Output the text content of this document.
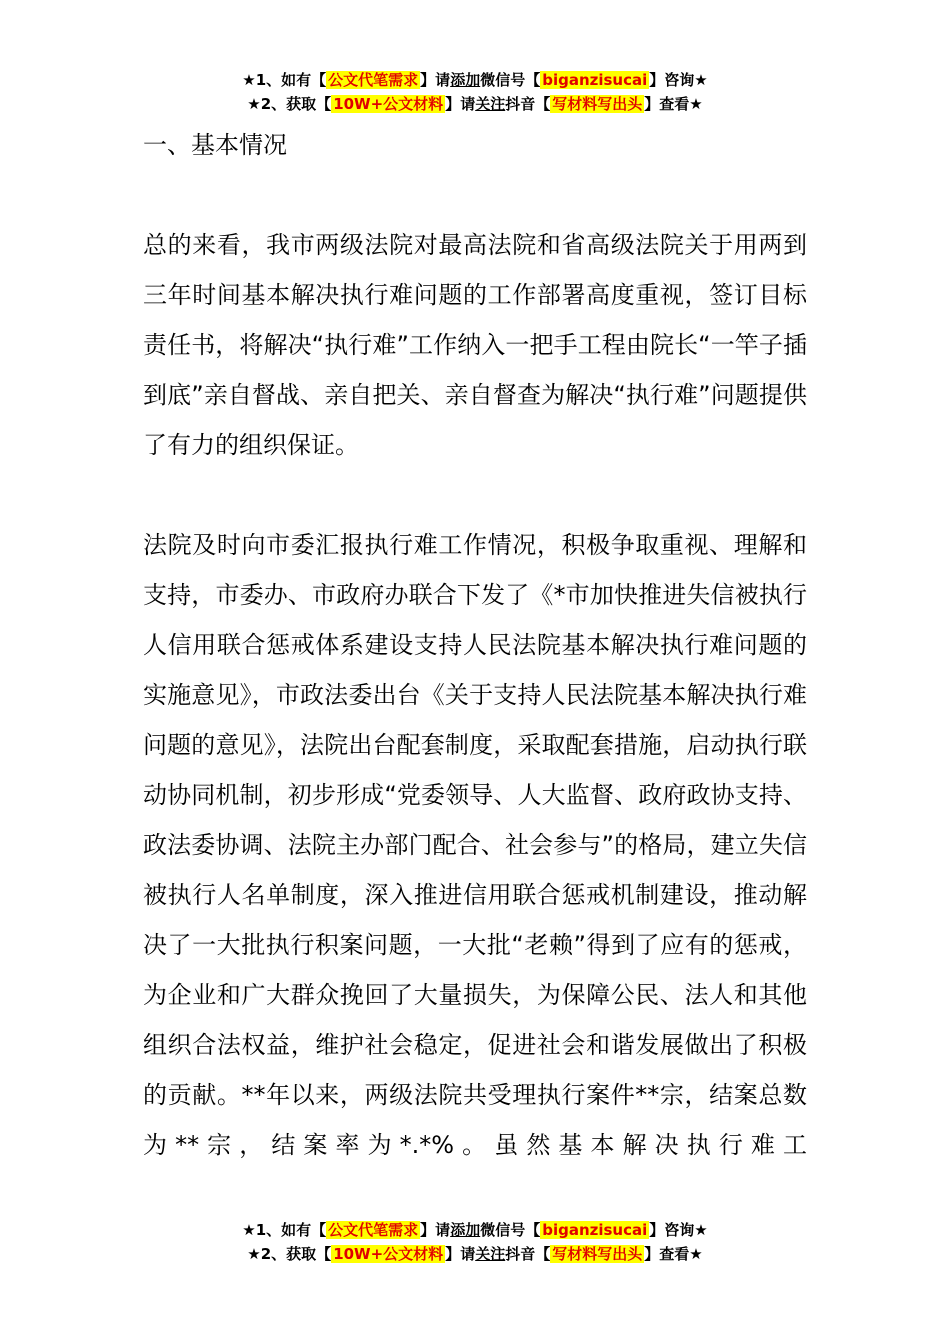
★1、如有【 公文代笔需求 】请添加微信号【 biganzisucai 】咨询★
★2、获取【 10W+公文材料 】请关注抖音【 写材料写出头 】查看★
一、基本情况

总的来看，我市两级法院对最高法院和省高级法院关于用两到三年时间基本解决执行难问题的工作部署高度重视，签订目标责任书，将解决“执行难”工作纳入一把手工程由院长“一竿子插到底”亲自督战、亲自把关、亲自督查为解决“执行难”问题提供了有力的组织保证。

法院及时向市委汇报执行难工作情况，积极争取重视、理解和支持，市委办、市政府办联合下发了《*市加快推进失信被执行人信用联合惩戒体系建设支持人民法院基本解决执行难问题的实施意见》，市政法委出台《关于支持人民法院基本解决执行难问题的意见》，法院出台配套制度，采取配套措施，启动执行联动协同机制，初步形成“党委领导、人大监督、政府政协支持、政法委协调、法院主办部门配合、社会参与”的格局，建立失信被执行人名单制度，深入推进信用联合惩戒机制建设，推动解决了一大批执行积案问题，一大批“老赖”得到了应有的惩戒，为企业和广大群众挽回了大量损失，为保障公民、法人和其他组织合法权益，维护社会稳定，促进社会和谐发展做出了积极的贡献。**年以来，两级法院共受理执行案件**宗，结案总数为**宗，结案率为*.*%。虽然基本解决执行难工

★1、如有【 公文代笔需求 】请添加微信号【 biganzisucai 】咨询★
★2、获取【 10W+公文材料 】请关注抖音【 写材料写出头 】查看★
